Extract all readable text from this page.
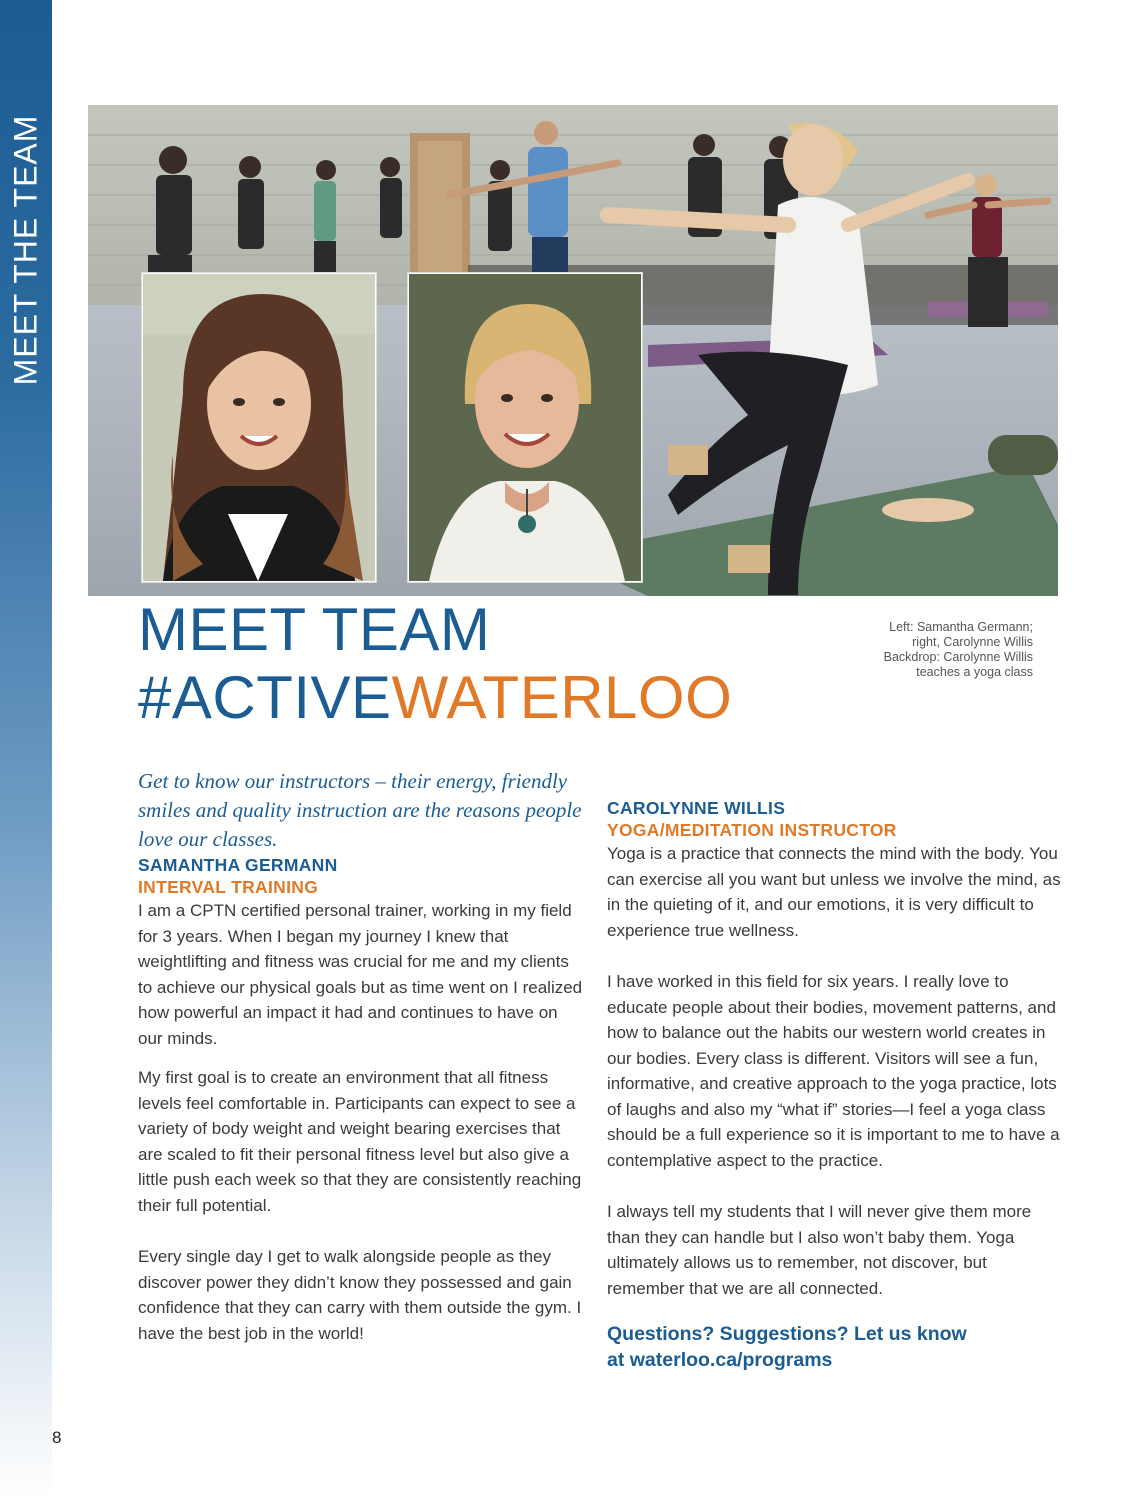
MEET THE TEAM
8
MEET TEAM
#ACTIVEWATERLOO
Left: Samantha Germann;
right, Carolynne Willis
Backdrop: Carolynne Willis
teaches a yoga class

Get to know our instructors – their energy, friendly smiles and quality instruction are the reasons people love our classes.

SAMANTHA GERMANN

INTERVAL TRAINING

I am a CPTN certified personal trainer, working in my field for 3 years. When I began my journey I knew that weightlifting and fitness was crucial for me and my clients to achieve our physical goals but as time went on I realized how powerful an impact it had and continues to have on our minds.

My first goal is to create an environment that all fitness levels feel comfortable in. Participants can expect to see a variety of body weight and weight bearing exercises that are scaled to fit their personal fitness level but also give a little push each week so that they are consistently reaching their full potential.

Every single day I get to walk alongside people as they discover power they didn’t know they possessed and gain confidence that they can carry with them outside the gym. I have the best job in the world!

CAROLYNNE WILLIS

YOGA/MEDITATION INSTRUCTOR

Yoga is a practice that connects the mind with the body. You can exercise all you want but unless we involve the mind, as in the quieting of it, and our emotions, it is very difficult to experience true wellness.

I have worked in this field for six years. I really love to educate people about their bodies, movement patterns, and how to balance out the habits our western world creates in our bodies. Every class is different. Visitors will see a fun, informative, and creative approach to the yoga practice, lots of laughs and also my “what if” stories—I feel a yoga class should be a full experience so it is important to me to have a contemplative aspect to the practice.

I always tell my students that I will never give them more than they can handle but I also won’t baby them. Yoga ultimately allows us to remember, not discover, but remember that we are all connected.

Questions? Suggestions? Let us know
at waterloo.ca/programs
